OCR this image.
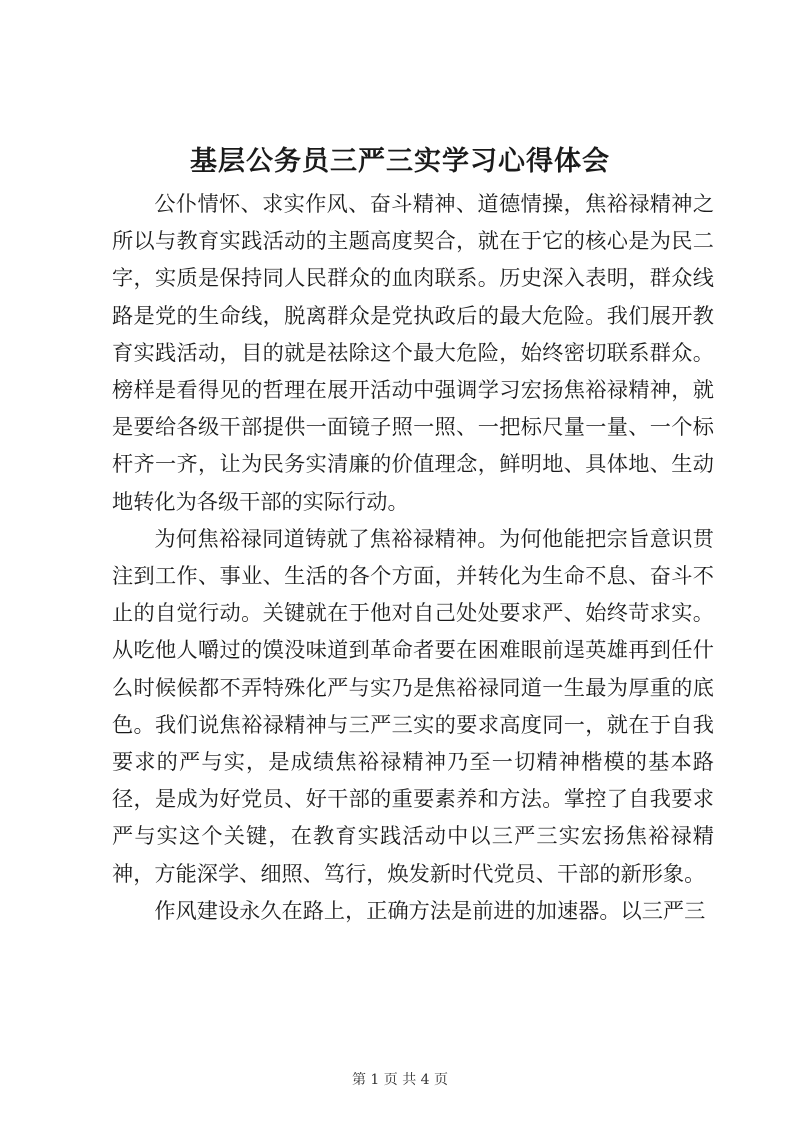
基层公务员三严三实学习心得体会

公仆情怀、求实作风、奋斗精神、道德情操，焦裕禄精神之所以与教育实践活动的主题高度契合，就在于它的核心是为民二字，实质是保持同人民群众的血肉联系。历史深入表明，群众线路是党的生命线，脱离群众是党执政后的最大危险。我们展开教育实践活动，目的就是祛除这个最大危险，始终密切联系群众。榜样是看得见的哲理在展开活动中强调学习宏扬焦裕禄精神，就是要给各级干部提供一面镜子照一照、一把标尺量一量、一个标杆齐一齐，让为民务实清廉的价值理念，鲜明地、具体地、生动地转化为各级干部的实际行动。

为何焦裕禄同道铸就了焦裕禄精神。为何他能把宗旨意识贯注到工作、事业、生活的各个方面，并转化为生命不息、奋斗不止的自觉行动。关键就在于他对自己处处要求严、始终苛求实。从吃他人嚼过的馍没味道到革命者要在困难眼前逞英雄再到任什么时候候都不弄特殊化严与实乃是焦裕禄同道一生最为厚重的底色。我们说焦裕禄精神与三严三实的要求高度同一，就在于自我要求的严与实，是成绩焦裕禄精神乃至一切精神楷模的基本路径，是成为好党员、好干部的重要素养和方法。掌控了自我要求严与实这个关键，在教育实践活动中以三严三实宏扬焦裕禄精神，方能深学、细照、笃行，焕发新时代党员、干部的新形象。

作风建设永久在路上，正确方法是前进的加速器。以三严三

第 1 页 共 4 页
